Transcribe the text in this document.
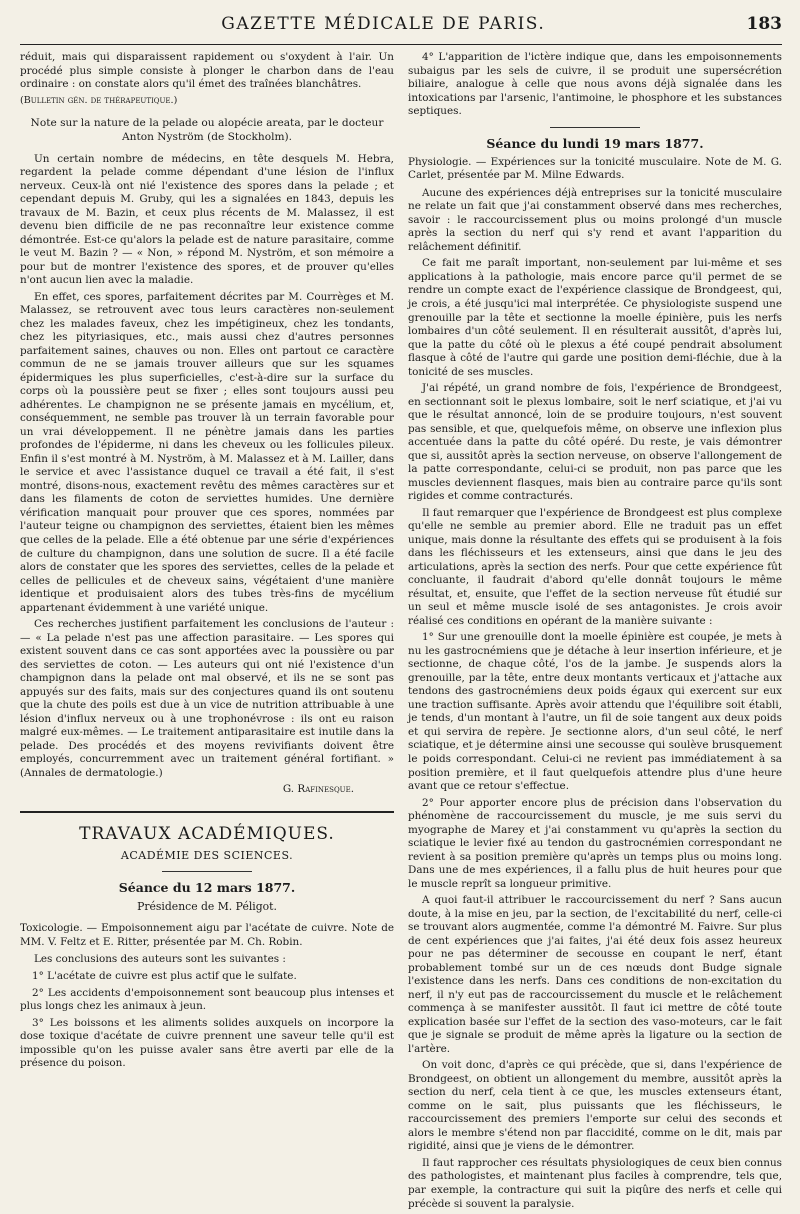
GAZETTE MÉDICALE DE PARIS.	183

réduit, mais qui disparaissent rapidement ou s'oxydent à l'air. Un procédé plus simple consiste à plonger le charbon dans de l'eau ordinaire : on constate alors qu'il émet des traînées blanchâtres.

(Bulletin gén. de thérapeutique.)

Note sur la nature de la pelade ou alopécie areata, par le docteur Anton Nyström (de Stockholm).

Un certain nombre de médecins, en tête desquels M. Hebra, regardent la pelade comme dépendant d'une lésion de l'influx nerveux. Ceux-là ont nié l'existence des spores dans la pelade ; et cependant depuis M. Gruby, qui les a signalées en 1843, depuis les travaux de M. Bazin, et ceux plus récents de M. Malassez, il est devenu bien difficile de ne pas reconnaître leur existence comme démontrée. Est-ce qu'alors la pelade est de nature parasitaire, comme le veut M. Bazin ? — « Non, » répond M. Nyström, et son mémoire a pour but de montrer l'existence des spores, et de prouver qu'elles n'ont aucun lien avec la maladie.

En effet, ces spores, parfaitement décrites par M. Courrèges et M. Malassez, se retrouvent avec tous leurs caractères non-seulement chez les malades faveux, chez les impétigineux, chez les tondants, chez les pityriasiques, etc., mais aussi chez d'autres personnes parfaitement saines, chauves ou non. Elles ont partout ce caractère commun de ne se jamais trouver ailleurs que sur les squames épidermiques les plus superficielles, c'est-à-dire sur la surface du corps où la poussière peut se fixer ; elles sont toujours aussi peu adhérentes. Le champignon ne se présente jamais en mycélium, et, conséquemment, ne semble pas trouver là un terrain favorable pour un vrai développement. Il ne pénètre jamais dans les parties profondes de l'épiderme, ni dans les cheveux ou les follicules pileux. Enfin il s'est montré à M. Nyström, à M. Malassez et à M. Lailler, dans le service et avec l'assistance duquel ce travail a été fait, il s'est montré, disons-nous, exactement revêtu des mêmes caractères sur et dans les filaments de coton de serviettes humides. Une dernière vérification manquait pour prouver que ces spores, nommées par l'auteur teigne ou champignon des serviettes, étaient bien les mêmes que celles de la pelade. Elle a été obtenue par une série d'expériences de culture du champignon, dans une solution de sucre. Il a été facile alors de constater que les spores des serviettes, celles de la pelade et celles de pellicules et de cheveux sains, végétaient d'une manière identique et produisaient alors des tubes très-fins de mycélium appartenant évidemment à une variété unique.

Ces recherches justifient parfaitement les conclusions de l'auteur : — « La pelade n'est pas une affection parasitaire. — Les spores qui existent souvent dans ce cas sont apportées avec la poussière ou par des serviettes de coton. — Les auteurs qui ont nié l'existence d'un champignon dans la pelade ont mal observé, et ils ne se sont pas appuyés sur des faits, mais sur des conjectures quand ils ont soutenu que la chute des poils est due à un vice de nutrition attribuable à une lésion d'influx nerveux ou à une trophonévrose : ils ont eu raison malgré eux-mêmes. — Le traitement antiparasitaire est inutile dans la pelade. Des procédés et des moyens revivifiants doivent être employés, concurremment avec un traitement général fortifiant. » (Annales de dermatologie.)

G. Rafinesque.
TRAVAUX ACADÉMIQUES.
ACADÉMIE DES SCIENCES.
Séance du 12 mars 1877.
Présidence de M. Péligot.

Toxicologie. — Empoisonnement aigu par l'acétate de cuivre. Note de MM. V. Feltz et E. Ritter, présentée par M. Ch. Robin.

Les conclusions des auteurs sont les suivantes :

1° L'acétate de cuivre est plus actif que le sulfate.

2° Les accidents d'empoisonnement sont beaucoup plus intenses et plus longs chez les animaux à jeun.

3° Les boissons et les aliments solides auxquels on incorpore la dose toxique d'acétate de cuivre prennent une saveur telle qu'il est impossible qu'on les puisse avaler sans être averti par elle de la présence du poison.

4° L'apparition de l'ictère indique que, dans les empoisonnements subaigus par les sels de cuivre, il se produit une supersécrétion biliaire, analogue à celle que nous avons déjà signalée dans les intoxications par l'arsenic, l'antimoine, le phosphore et les substances septiques.

Séance du lundi 19 mars 1877.

Physiologie. — Expériences sur la tonicité musculaire. Note de M. G. Carlet, présentée par M. Milne Edwards.

Aucune des expériences déjà entreprises sur la tonicité musculaire ne relate un fait que j'ai constamment observé dans mes recherches, savoir : le raccourcissement plus ou moins prolongé d'un muscle après la section du nerf qui s'y rend et avant l'apparition du relâchement définitif.

Ce fait me paraît important, non-seulement par lui-même et ses applications à la pathologie, mais encore parce qu'il permet de se rendre un compte exact de l'expérience classique de Brondgeest, qui, je crois, a été jusqu'ici mal interprétée. Ce physiologiste suspend une grenouille par la tête et sectionne la moelle épinière, puis les nerfs lombaires d'un côté seulement. Il en résulterait aussitôt, d'après lui, que la patte du côté où le plexus a été coupé pendrait absolument flasque à côté de l'autre qui garde une position demi-fléchie, due à la tonicité de ses muscles.

J'ai répété, un grand nombre de fois, l'expérience de Brondgeest, en sectionnant soit le plexus lombaire, soit le nerf sciatique, et j'ai vu que le résultat annoncé, loin de se produire toujours, n'est souvent pas sensible, et que, quelquefois même, on observe une inflexion plus accentuée dans la patte du côté opéré. Du reste, je vais démontrer que si, aussitôt après la section nerveuse, on observe l'allongement de la patte correspondante, celui-ci se produit, non pas parce que les muscles deviennent flasques, mais bien au contraire parce qu'ils sont rigides et comme contracturés.

Il faut remarquer que l'expérience de Brondgeest est plus complexe qu'elle ne semble au premier abord. Elle ne traduit pas un effet unique, mais donne la résultante des effets qui se produisent à la fois dans les fléchisseurs et les extenseurs, ainsi que dans le jeu des articulations, après la section des nerfs. Pour que cette expérience fût concluante, il faudrait d'abord qu'elle donnât toujours le même résultat, et, ensuite, que l'effet de la section nerveuse fût étudié sur un seul et même muscle isolé de ses antagonistes. Je crois avoir réalisé ces conditions en opérant de la manière suivante :

1° Sur une grenouille dont la moelle épinière est coupée, je mets à nu les gastrocnémiens que je détache à leur insertion inférieure, et je sectionne, de chaque côté, l'os de la jambe. Je suspends alors la grenouille, par la tête, entre deux montants verticaux et j'attache aux tendons des gastrocnémiens deux poids égaux qui exercent sur eux une traction suffisante. Après avoir attendu que l'équilibre soit établi, je tends, d'un montant à l'autre, un fil de soie tangent aux deux poids et qui servira de repère. Je sectionne alors, d'un seul côté, le nerf sciatique, et je détermine ainsi une secousse qui soulève brusquement le poids correspondant. Celui-ci ne revient pas immédiatement à sa position première, et il faut quelquefois attendre plus d'une heure avant que ce retour s'effectue.

2° Pour apporter encore plus de précision dans l'observation du phénomène de raccourcissement du muscle, je me suis servi du myographe de Marey et j'ai constamment vu qu'après la section du sciatique le levier fixé au tendon du gastrocnémien correspondant ne revient à sa position première qu'après un temps plus ou moins long. Dans une de mes expériences, il a fallu plus de huit heures pour que le muscle reprît sa longueur primitive.

A quoi faut-il attribuer le raccourcissement du nerf ? Sans aucun doute, à la mise en jeu, par la section, de l'excitabilité du nerf, celle-ci se trouvant alors augmentée, comme l'a démontré M. Faivre. Sur plus de cent expériences que j'ai faites, j'ai été deux fois assez heureux pour ne pas déterminer de secousse en coupant le nerf, étant probablement tombé sur un de ces nœuds dont Budge signale l'existence dans les nerfs. Dans ces conditions de non-excitation du nerf, il n'y eut pas de raccourcissement du muscle et le relâchement commença à se manifester aussitôt. Il faut ici mettre de côté toute explication basée sur l'effet de la section des vaso-moteurs, car le fait que je signale se produit de même après la ligature ou la section de l'artère.

On voit donc, d'après ce qui précède, que si, dans l'expérience de Brondgeest, on obtient un allongement du membre, aussitôt après la section du nerf, cela tient à ce que, les muscles extenseurs étant, comme on le sait, plus puissants que les fléchisseurs, le raccourcissement des premiers l'emporte sur celui des seconds et alors le membre s'étend non par flaccidité, comme on le dit, mais par rigidité, ainsi que je viens de le démontrer.

Il faut rapprocher ces résultats physiologiques de ceux bien connus des pathologistes, et maintenant plus faciles à comprendre, tels que, par exemple, la contracture qui suit la piqûre des nerfs et celle qui précède si souvent la paralysie.
